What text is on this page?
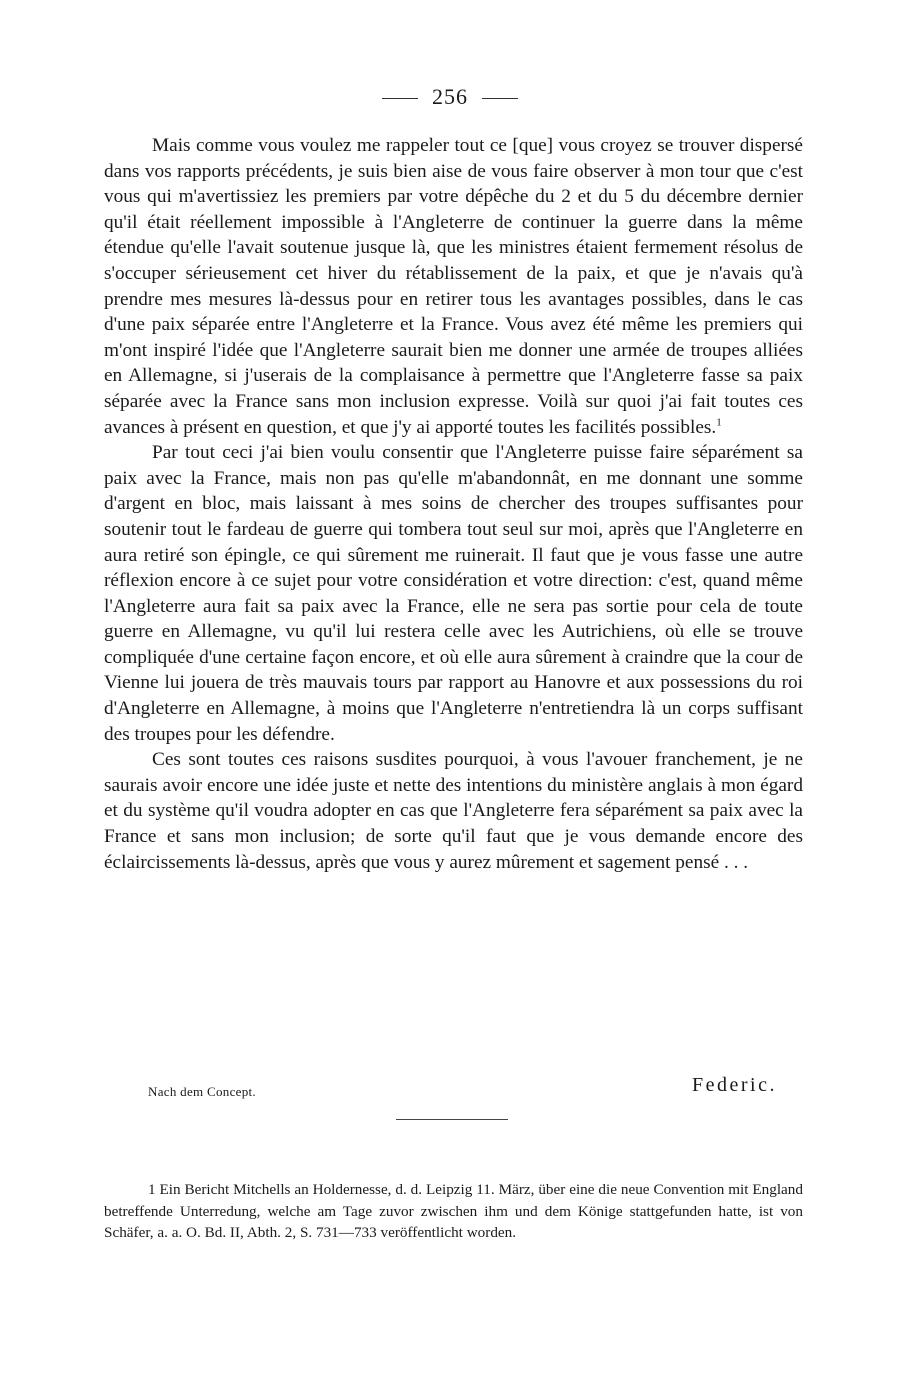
256

Mais comme vous voulez me rappeler tout ce [que] vous croyez se trouver dispersé dans vos rapports précédents, je suis bien aise de vous faire observer à mon tour que c'est vous qui m'avertissiez les premiers par votre dépêche du 2 et du 5 du décembre dernier qu'il était réellement impossible à l'Angleterre de continuer la guerre dans la même étendue qu'elle l'avait soutenue jusque là, que les ministres étaient fermement résolus de s'occuper sérieusement cet hiver du rétablissement de la paix, et que je n'avais qu'à prendre mes mesures là-dessus pour en retirer tous les avantages possibles, dans le cas d'une paix séparée entre l'Angleterre et la France. Vous avez été même les premiers qui m'ont inspiré l'idée que l'Angleterre saurait bien me donner une armée de troupes alliées en Allemagne, si j'userais de la complaisance à permettre que l'Angleterre fasse sa paix séparée avec la France sans mon inclusion expresse. Voilà sur quoi j'ai fait toutes ces avances à présent en question, et que j'y ai apporté toutes les facilités possibles.$^1$

Par tout ceci j'ai bien voulu consentir que l'Angleterre puisse faire séparément sa paix avec la France, mais non pas qu'elle m'abandonnât, en me donnant une somme d'argent en bloc, mais laissant à mes soins de chercher des troupes suffisantes pour soutenir tout le fardeau de guerre qui tombera tout seul sur moi, après que l'Angleterre en aura retiré son épingle, ce qui sûrement me ruinerait. Il faut que je vous fasse une autre réflexion encore à ce sujet pour votre considération et votre direction: c'est, quand même l'Angleterre aura fait sa paix avec la France, elle ne sera pas sortie pour cela de toute guerre en Allemagne, vu qu'il lui restera celle avec les Autrichiens, où elle se trouve compliquée d'une certaine façon encore, et où elle aura sûrement à craindre que la cour de Vienne lui jouera de très mauvais tours par rapport au Hanovre et aux possessions du roi d'Angleterre en Allemagne, à moins que l'Angleterre n'entretiendra là un corps suffisant des troupes pour les défendre.

Ces sont toutes ces raisons susdites pourquoi, à vous l'avouer franchement, je ne saurais avoir encore une idée juste et nette des intentions du ministère anglais à mon égard et du système qu'il voudra adopter en cas que l'Angleterre fera séparément sa paix avec la France et sans mon inclusion; de sorte qu'il faut que je vous demande encore des éclaircissements là-dessus, après que vous y aurez mûrement et sagement pensé . . .

Nach dem Concept.	Federic.

1 Ein Bericht Mitchells an Holdernesse, d. d. Leipzig 11. März, über eine die neue Convention mit England betreffende Unterredung, welche am Tage zuvor zwischen ihm und dem Könige stattgefunden hatte, ist von Schäfer, a. a. O. Bd. II, Abth. 2, S. 731—733 veröffentlicht worden.
